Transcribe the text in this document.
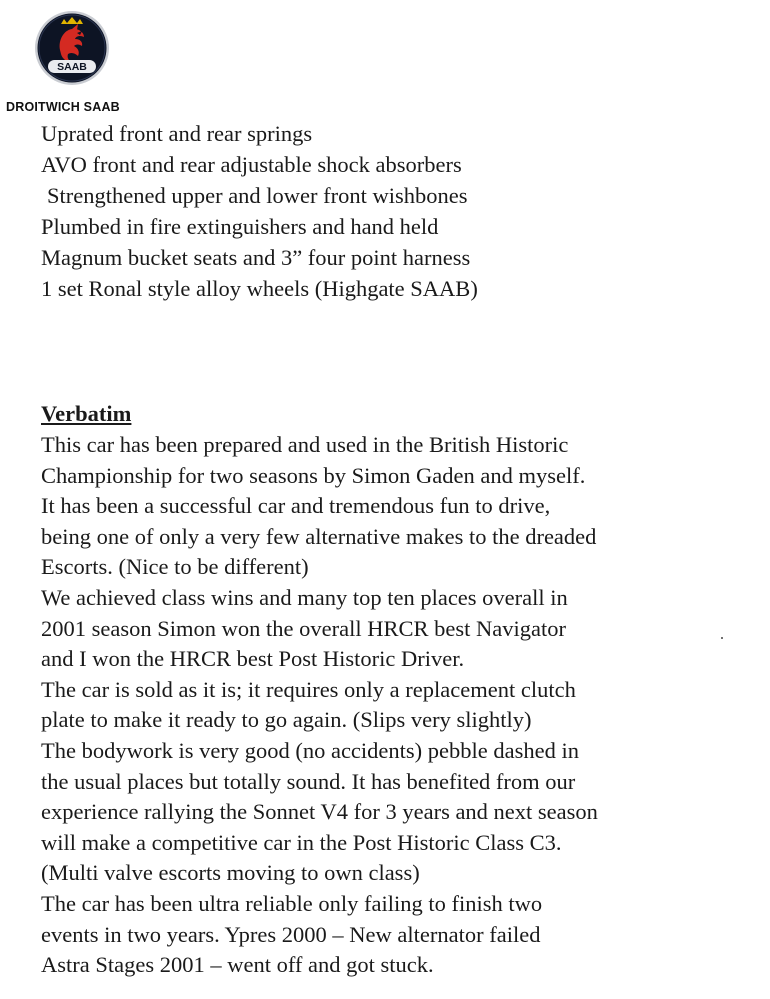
SAAB
DROITWICH SAAB
Uprated front and rear springs
AVO front and rear adjustable shock absorbers
Strengthened upper and lower front wishbones
Plumbed in fire extinguishers and hand held
Magnum bucket seats and 3” four point harness
1 set Ronal style alloy wheels (Highgate SAAB)
Verbatim
This car has been prepared and used in the British Historic
Championship for two seasons by Simon Gaden and myself.
It has been a successful car and tremendous fun to drive,
being one of only a very few alternative makes to the dreaded
Escorts. (Nice to be different)
We achieved class wins and many top ten places overall in
2001 season Simon won the overall HRCR best Navigator
and I won the HRCR best Post Historic Driver.
The car is sold as it is; it requires only a replacement clutch
plate to make it ready to go again. (Slips very slightly)
The bodywork is very good (no accidents) pebble dashed in
the usual places but totally sound. It has benefited from our
experience rallying the Sonnet V4 for 3 years and next season
will make a competitive car in the Post Historic Class C3.
(Multi valve escorts moving to own class)
The car has been ultra reliable only failing to finish two
events in two years. Ypres 2000 – New alternator failed
Astra Stages 2001 – went off and got stuck.
